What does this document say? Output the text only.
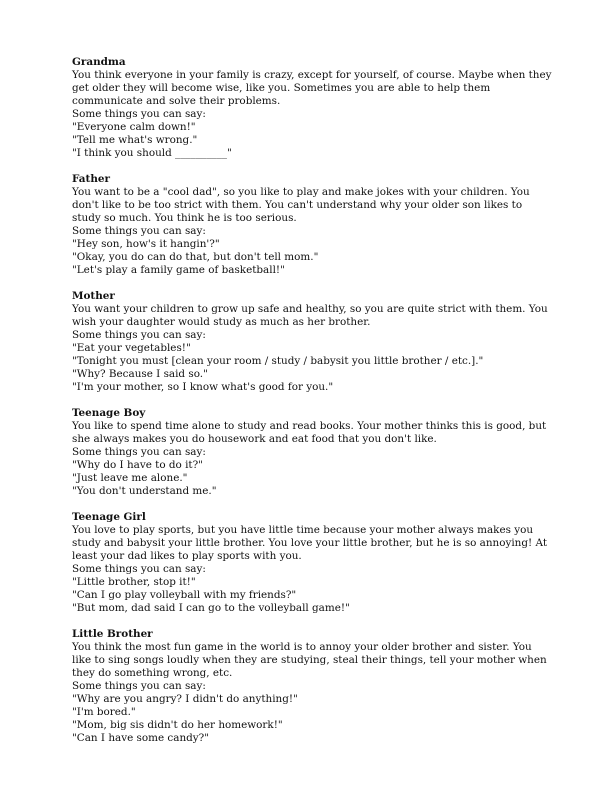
Grandma

You think everyone in your family is crazy, except for yourself, of course. Maybe when they get older they will become wise, like you. Sometimes you are able to help them communicate and solve their problems.

Some things you can say:

"Everyone calm down!"

"Tell me what's wrong."

"I think you should __________"

Father

You want to be a "cool dad", so you like to play and make jokes with your children. You don't like to be too strict with them. You can't understand why your older son likes to study so much. You think he is too serious.

Some things you can say:

"Hey son, how's it hangin'?"

"Okay, you do can do that, but don't tell mom."

"Let's play a family game of basketball!"

Mother

You want your children to grow up safe and healthy, so you are quite strict with them. You wish your daughter would study as much as her brother.

Some things you can say:

"Eat your vegetables!"

"Tonight you must [clean your room / study / babysit you little brother / etc.]."

"Why? Because I said so."

"I'm your mother, so I know what's good for you."

Teenage Boy

You like to spend time alone to study and read books. Your mother thinks this is good, but she always makes you do housework and eat food that you don't like.

Some things you can say:

"Why do I have to do it?"

"Just leave me alone."

"You don't understand me."

Teenage Girl

You love to play sports, but you have little time because your mother always makes you study and babysit your little brother. You love your little brother, but he is so annoying! At least your dad likes to play sports with you.

Some things you can say:

"Little brother, stop it!"

"Can I go play volleyball with my friends?"

"But mom, dad said I can go to the volleyball game!"

Little Brother

You think the most fun game in the world is to annoy your older brother and sister. You like to sing songs loudly when they are studying, steal their things, tell your mother when they do something wrong, etc.

Some things you can say:

"Why are you angry? I didn't do anything!"

"I'm bored."

"Mom, big sis didn't do her homework!"

"Can I have some candy?"
